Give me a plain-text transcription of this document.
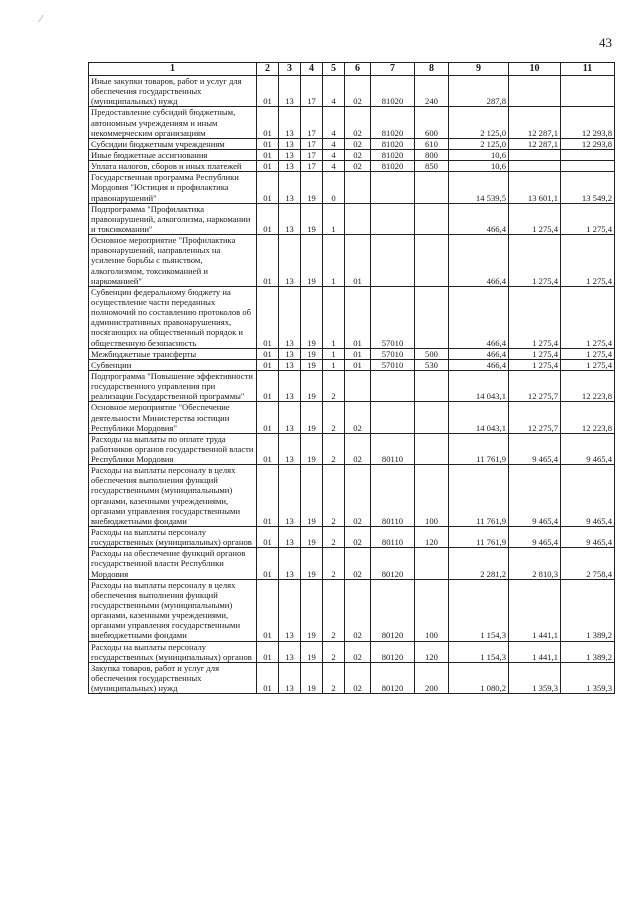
43
⁄
1	2	3	4	5	6	7	8	9	10	11

Иные закупки товаров, работ и услуг для обеспечения государственных (муниципальных) нужд	01	13	17	4	02	81020	240	287,8		

Предоставление субсидий бюджетным, автономным учреждениям и иным некоммерческим организациям	01	13	17	4	02	81020	600	2 125,0	12 287,1	12 293,8

Субсидии бюджетным учреждениям	01	13	17	4	02	81020	610	2 125,0	12 287,1	12 293,8

Иные бюджетные ассигнования	01	13	17	4	02	81020	800	10,6		

Уплата налогов, сборов и иных платежей	01	13	17	4	02	81020	850	10,6		

Государственная программа Республики Мордовия "Юстиция и профилактика правонарушений"	01	13	19	0				14 539,5	13 601,1	13 549,2

Подпрограмма "Профилактика правонарушений, алкоголизма, наркомании и токсикомании"	01	13	19	1				466,4	1 275,4	1 275,4

Основное мероприятие "Профилактика правонарушений, направленных на усиление борьбы с пьянством, алкоголизмом, токсикоманией и наркоманией"	01	13	19	1	01			466,4	1 275,4	1 275,4

Субвенции федеральному бюджету на осуществление части переданных полномочий по составлению протоколов об административных правонарушениях, посягающих на общественный порядок и общественную безопасность	01	13	19	1	01	57010		466,4	1 275,4	1 275,4

Межбюджетные трансферты	01	13	19	1	01	57010	500	466,4	1 275,4	1 275,4

Субвенции	01	13	19	1	01	57010	530	466,4	1 275,4	1 275,4

Подпрограмма "Повышение эффективности государственного управления при реализации Государственной программы"	01	13	19	2				14 043,1	12 275,7	12 223,8

Основное мероприятие "Обеспечение деятельности Министерства юстиции Республики Мордовия"	01	13	19	2	02			14 043,1	12 275,7	12 223,8

Расходы на выплаты по оплате труда работников органов государственной власти Республики Мордовия	01	13	19	2	02	80110		11 761,9	9 465,4	9 465,4

Расходы на выплаты персоналу в целях обеспечения выполнения функций государственными (муниципальными) органами, казенными учреждениями, органами управления государственными внебюджетными фондами	01	13	19	2	02	80110	100	11 761,9	9 465,4	9 465,4

Расходы на выплаты персоналу государственных (муниципальных) органов	01	13	19	2	02	80110	120	11 761,9	9 465,4	9 465,4

Расходы на обеспечение функций органов государственной власти Республики Мордовия	01	13	19	2	02	80120		2 281,2	2 810,3	2 758,4

Расходы на выплаты персоналу в целях обеспечения выполнения функций государственными (муниципальными) органами, казенными учреждениями, органами управления государственными внебюджетными фондами	01	13	19	2	02	80120	100	1 154,3	1 441,1	1 389,2

Расходы на выплаты персоналу государственных (муниципальных) органов	01	13	19	2	02	80120	120	1 154,3	1 441,1	1 389,2

Закупка товаров, работ и услуг для обеспечения государственных (муниципальных) нужд	01	13	19	2	02	80120	200	1 080,2	1 359,3	1 359,3
